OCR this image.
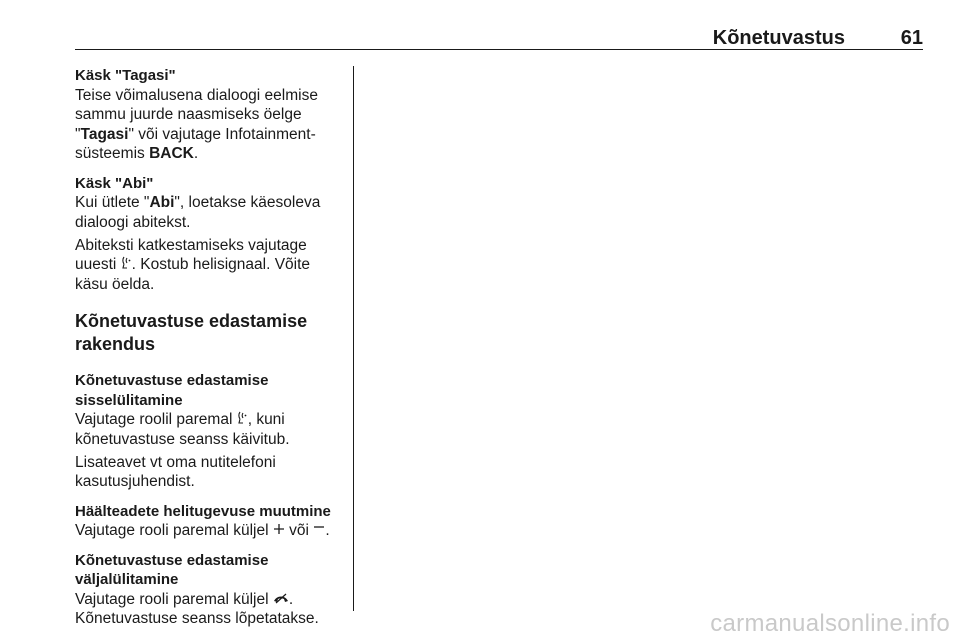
Kõnetuvastus	61

Käsk "Tagasi"

Teise võimalusena dialoogi eelmise sammu juurde naasmiseks öelge "Tagasi" või vajutage Infotainment-süsteemis BACK.

Käsk "Abi"

Kui ütlete "Abi", loetakse käesoleva dialoogi abitekst.

Abiteksti katkestamiseks vajutage uuesti . Kostub helisignaal. Võite käsu öelda.

Kõnetuvastuse edastamise rakendus

Kõnetuvastuse edastamise sisselülitamine

Vajutage roolil paremal , kuni kõnetuvastuse seanss käivitub.

Lisateavet vt oma nutitelefoni kasutusjuhendist.

Häälteadete helitugevuse muutmine

Vajutage rooli paremal küljel  või .

Kõnetuvastuse edastamise väljalülitamine

Vajutage rooli paremal küljel .

Kõnetuvastuse seanss lõpetatakse.	carmanualsonline.info
